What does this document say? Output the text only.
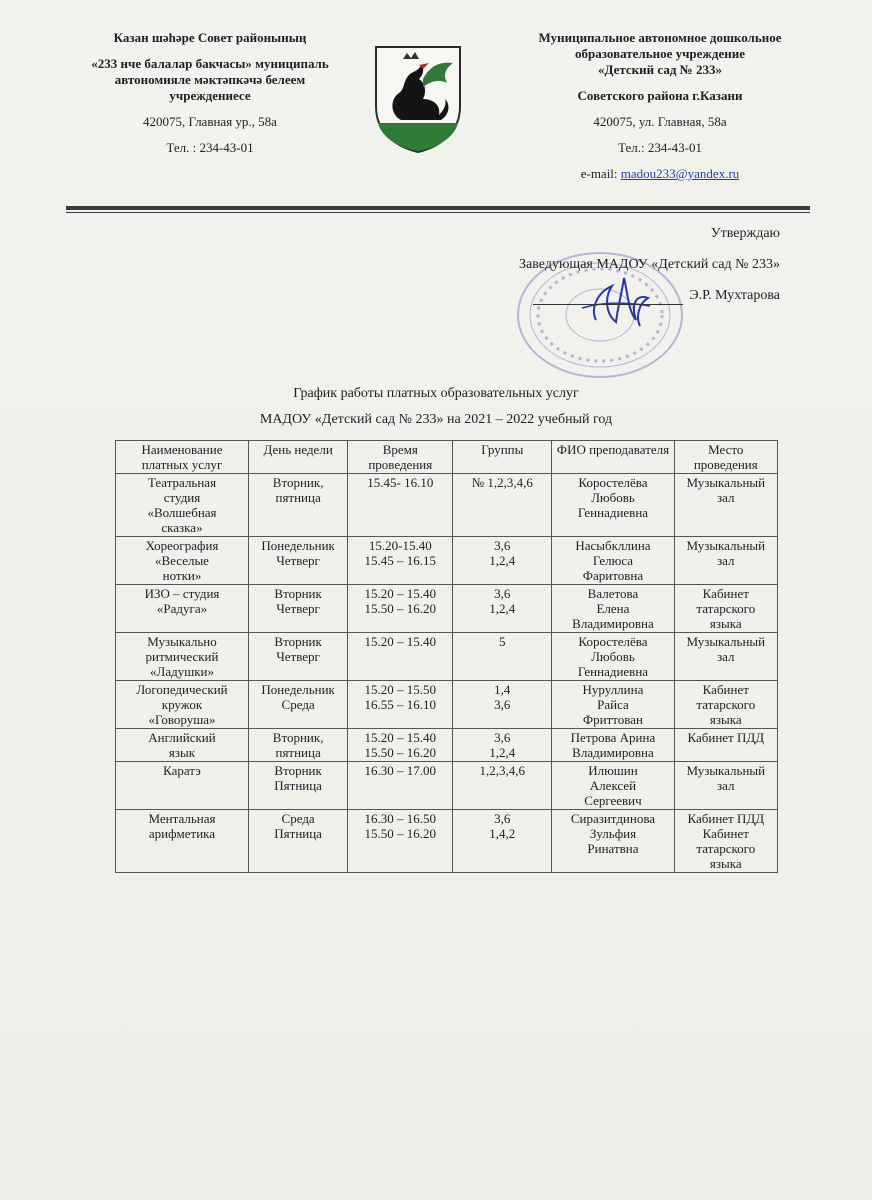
Казан шәһәре Совет районының
«233 нче балалар бакчасы» муниципаль
автономияле мәктәпкәчә белеем
учреждениесе
420075, Главная ур., 58а
Тел. : 234-43-01
Муниципальное автономное дошкольное
образовательное учреждение
«Детский сад № 233»
Советского района г.Казани
420075, ул. Главная, 58а
Тел.: 234-43-01
e-mail: madou233@yandex.ru
Утверждаю
Заведующая МАДОУ «Детский сад № 233»
Э.Р. Мухтарова
График работы платных образовательных услуг
МАДОУ «Детский сад № 233» на 2021 – 2022 учебный год
Наименование платных услуг	День недели	Время проведения	Группы	ФИО преподавателя	Место проведения

Театральная
студия
«Волшебная
сказка»	Вторник,
пятница	15.45- 16.10	№ 1,2,3,4,6	Коростелёва
Любовь
Геннадиевна	Музыкальный
зал

Хореография
«Веселые
нотки»	Понедельник
Четверг	15.20-15.40
15.45 – 16.15	3,6
1,2,4	Насыбкллина
Гелюса
Фаритовна	Музыкальный
зал

ИЗО – студия
«Радуга»	Вторник
Четверг	15.20 – 15.40
15.50 – 16.20	3,6
1,2,4	Валетова
Елена
Владимировна	Кабинет
татарского
языка

Музыкально
ритмический
«Ладушки»	Вторник
Четверг	15.20 – 15.40	5	Коростелёва
Любовь
Геннадиевна	Музыкальный
зал

Логопедический
кружок
«Говоруша»	Понедельник
Среда	15.20 – 15.50
16.55 – 16.10	1,4
3,6	Нуруллина
Райса
Фриттован	Кабинет
татарского
языка

Английский
язык	Вторник,
пятница	15.20 – 15.40
15.50 – 16.20	3,6
1,2,4	Петрова Арина
Владимировна	Кабинет ПДД

Каратэ	Вторник
Пятница	16.30 – 17.00	1,2,3,4,6	Илюшин
Алексей
Сергеевич	Музыкальный
зал

Ментальная
арифметика	Среда
Пятница	16.30 – 16.50
15.50 – 16.20	3,6
1,4,2	Сиразитдинова
Зульфия
Ринатвна	Кабинет ПДД
Кабинет
татарского
языка
